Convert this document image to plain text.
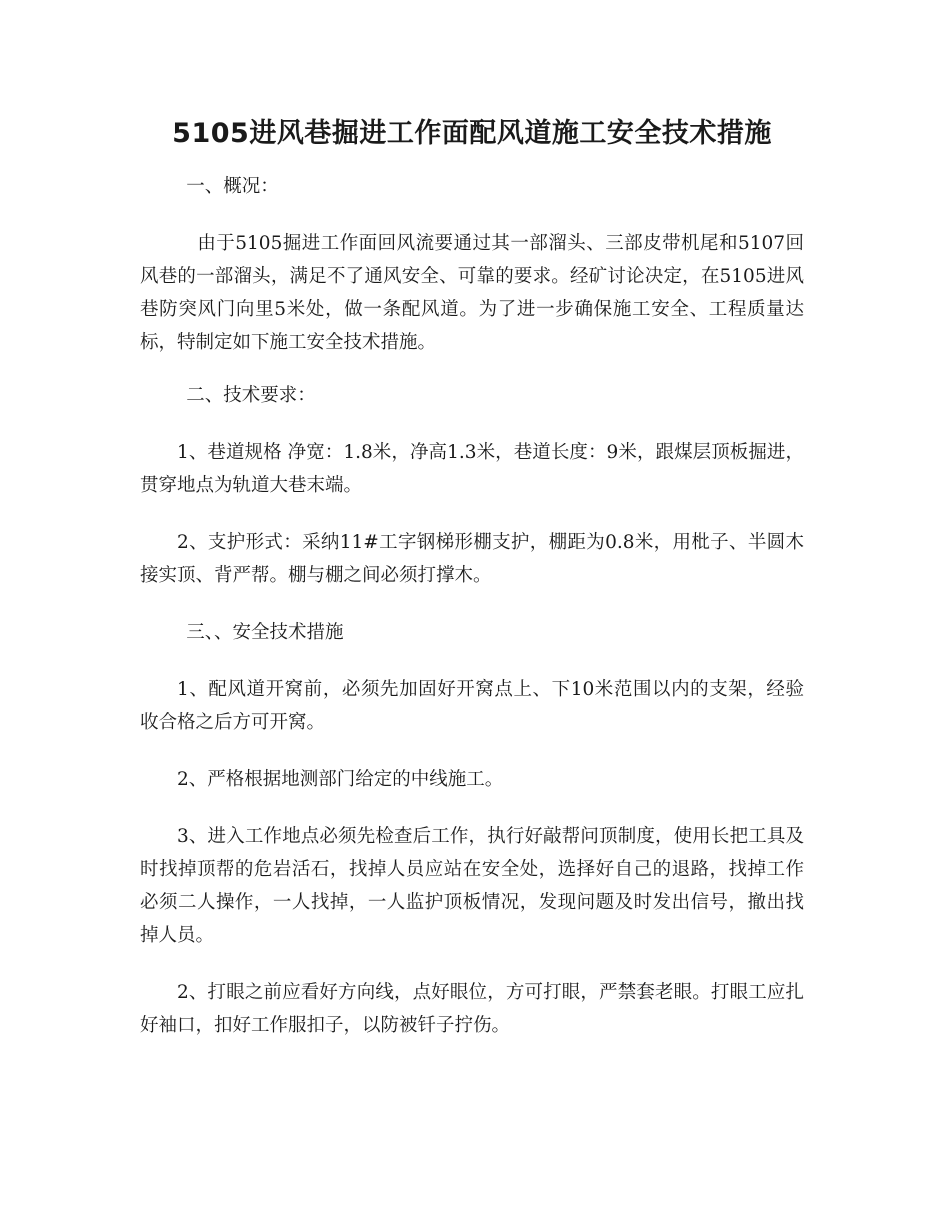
5105进风巷掘进工作面配风道施工安全技术措施

一、概况：

由于5105掘进工作面回风流要通过其一部溜头、三部皮带机尾和5107回风巷的一部溜头，满足不了通风安全、可靠的要求。经矿讨论决定，在5105进风巷防突风门向里5米处，做一条配风道。为了进一步确保施工安全、工程质量达标，特制定如下施工安全技术措施。

二、技术要求：

1、巷道规格 净宽：1.8米，净高1.3米，巷道长度：9米，跟煤层顶板掘进，贯穿地点为轨道大巷末端。

2、支护形式：采纳11#工字钢梯形棚支护，棚距为0.8米，用枇子、半圆木接实顶、背严帮。棚与棚之间必须打撑木。

三、、安全技术措施

1、配风道开窝前，必须先加固好开窝点上、下10米范围以内的支架，经验收合格之后方可开窝。

2、严格根据地测部门给定的中线施工。

3、进入工作地点必须先检查后工作，执行好敲帮问顶制度，使用长把工具及时找掉顶帮的危岩活石，找掉人员应站在安全处，选择好自己的退路，找掉工作必须二人操作，一人找掉，一人监护顶板情况，发现问题及时发出信号，撤出找掉人员。

2、打眼之前应看好方向线，点好眼位，方可打眼，严禁套老眼。打眼工应扎好袖口，扣好工作服扣子，以防被钎子拧伤。
